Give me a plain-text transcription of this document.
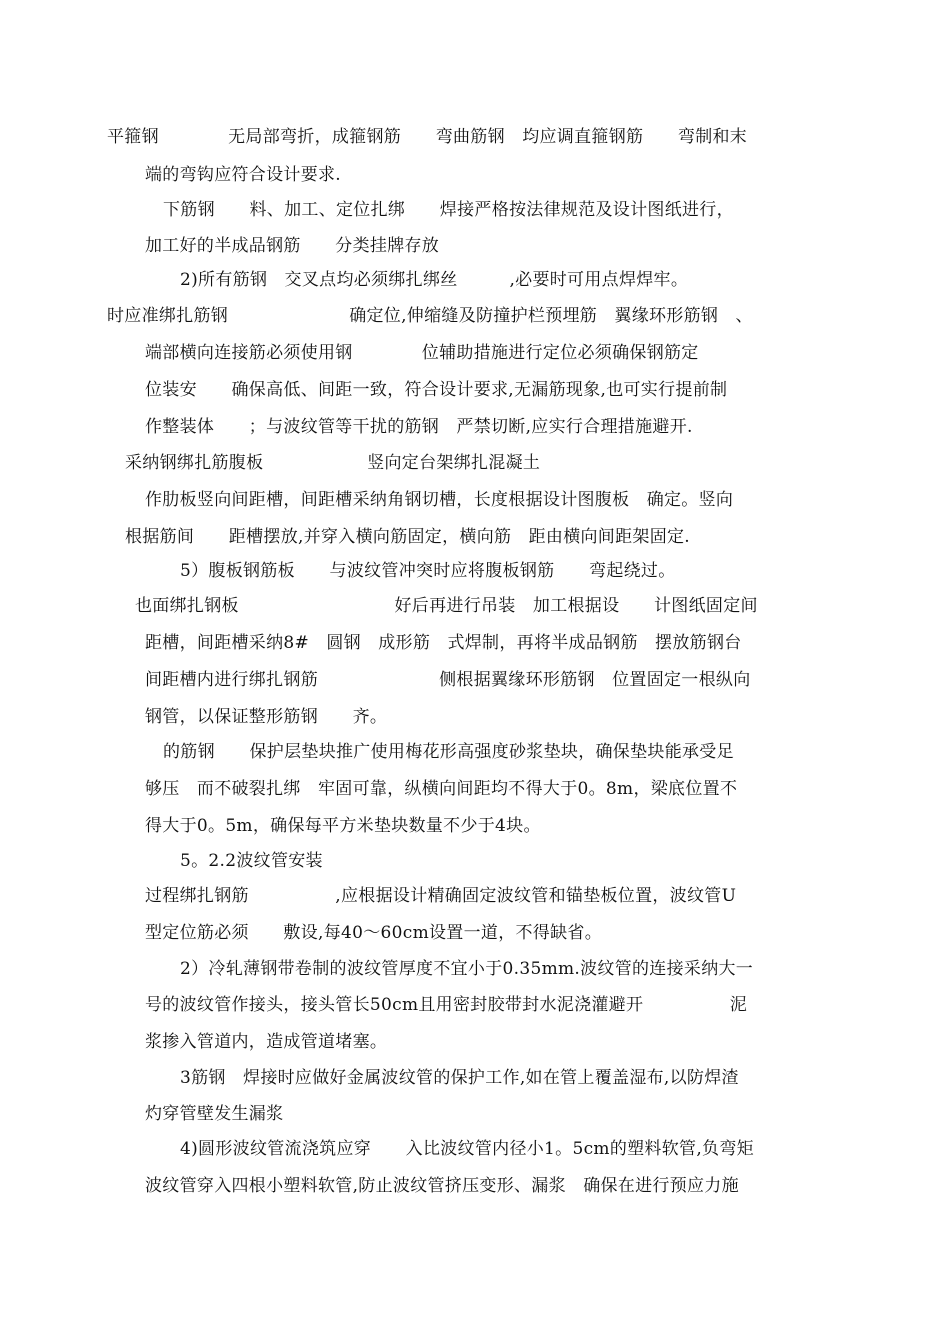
平箍钢　　　　无局部弯折，成箍钢筋　　弯曲筋钢　均应调直箍钢筋　　弯制和末
端的弯钩应符合设计要求.
下筋钢　　料、加工、定位扎绑　　焊接严格按法律规范及设计图纸进行，
加工好的半成品钢筋　　分类挂牌存放
2)所有筋钢　交叉点均必须绑扎绑丝　　　,必要时可用点焊焊牢。
时应准绑扎筋钢　　　　　　　确定位,伸缩缝及防撞护栏预埋筋　翼缘环形筋钢　、
端部横向连接筋必须使用钢　　　　位辅助措施进行定位必须确保钢筋定
位装安　　确保高低、间距一致，符合设计要求,无漏筋现象,也可实行提前制
作整装体　　；与波纹管等干扰的筋钢　严禁切断,应实行合理措施避开.
采纳钢绑扎筋腹板　　　　　　竖向定台架绑扎混凝土
作肋板竖向间距槽，间距槽采纳角钢切槽，长度根据设计图腹板　确定。竖向
根据筋间　　距槽摆放,并穿入横向筋固定，横向筋　距由横向间距架固定.
5）腹板钢筋板　　与波纹管冲突时应将腹板钢筋　　弯起绕过。
也面绑扎钢板　　　　　　　　　好后再进行吊装　加工根据设　　计图纸固定间
距槽，间距槽采纳8#　圆钢　成形筋　式焊制，再将半成品钢筋　摆放筋钢台
间距槽内进行绑扎钢筋　　　　　　　侧根据翼缘环形筋钢　位置固定一根纵向
钢管，以保证整形筋钢　　齐。
的筋钢　　保护层垫块推广使用梅花形高强度砂浆垫块，确保垫块能承受足
够压　而不破裂扎绑　牢固可靠，纵横向间距均不得大于0。8m，梁底位置不
得大于0。5m，确保每平方米垫块数量不少于4块。
5。2.2波纹管安装
过程绑扎钢筋　　　　　,应根据设计精确固定波纹管和锚垫板位置，波纹管U
型定位筋必须　　敷设,每40～60cm设置一道，不得缺省。
2）冷轧薄钢带卷制的波纹管厚度不宜小于0.35mm.波纹管的连接采纳大一
号的波纹管作接头，接头管长50cm且用密封胶带封水泥浇灌避开　　　　　泥
浆掺入管道内，造成管道堵塞。
3筋钢　焊接时应做好金属波纹管的保护工作,如在管上覆盖湿布,以防焊渣
灼穿管壁发生漏浆
4)圆形波纹管流浇筑应穿　　入比波纹管内径小1。5cm的塑料软管,负弯矩
波纹管穿入四根小塑料软管,防止波纹管挤压变形、漏浆　确保在进行预应力施
